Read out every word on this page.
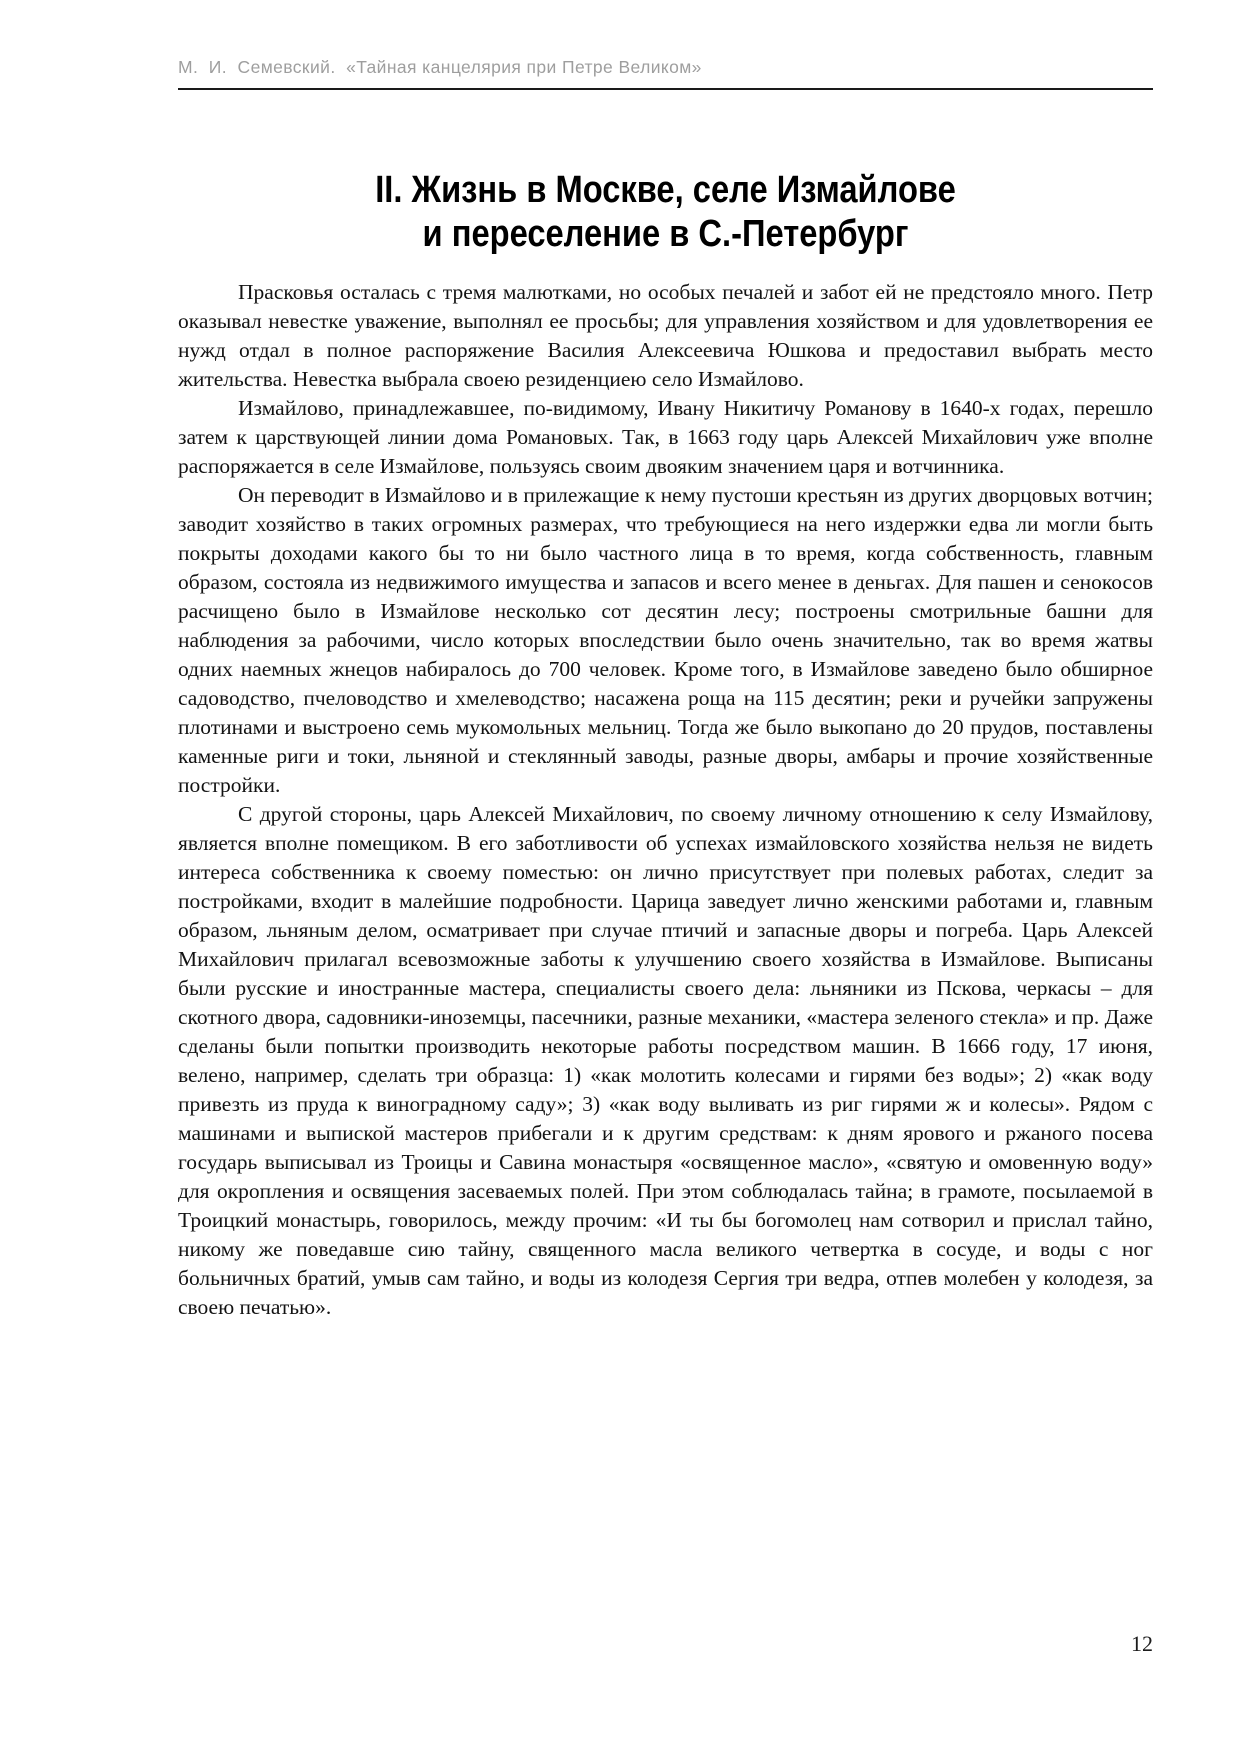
М.  И.  Семевский.  «Тайная канцелярия при Петре Великом»
II. Жизнь в Москве, селе Измайлове
и переселение в С.-Петербург

Прасковья осталась с тремя малютками, но особых печалей и забот ей не предстояло много. Петр оказывал невестке уважение, выполнял ее просьбы; для управления хозяйством и для удовлетворения ее нужд отдал в полное распоряжение Василия Алексеевича Юшкова и предоставил выбрать место жительства. Невестка выбрала своею резиденциею село Измайлово.

Измайлово, принадлежавшее, по-видимому, Ивану Никитичу Романову в 1640-х годах, перешло затем к царствующей линии дома Романовых. Так, в 1663 году царь Алексей Михайлович уже вполне распоряжается в селе Измайлове, пользуясь своим двояким значением царя и вотчинника.

Он переводит в Измайлово и в прилежащие к нему пустоши крестьян из других дворцовых вотчин; заводит хозяйство в таких огромных размерах, что требующиеся на него издержки едва ли могли быть покрыты доходами какого бы то ни было частного лица в то время, когда собственность, главным образом, состояла из недвижимого имущества и запасов и всего менее в деньгах. Для пашен и сенокосов расчищено было в Измайлове несколько сот десятин лесу; построены смотрильные башни для наблюдения за рабочими, число которых впоследствии было очень значительно, так во время жатвы одних наемных жнецов набиралось до 700 человек. Кроме того, в Измайлове заведено было обширное садоводство, пчеловодство и хмелеводство; насажена роща на 115 десятин; реки и ручейки запружены плотинами и выстроено семь мукомольных мельниц. Тогда же было выкопано до 20 прудов, поставлены каменные риги и токи, льняной и стеклянный заводы, разные дворы, амбары и прочие хозяйственные постройки.

С другой стороны, царь Алексей Михайлович, по своему личному отношению к селу Измайлову, является вполне помещиком. В его заботливости об успехах измайловского хозяйства нельзя не видеть интереса собственника к своему поместью: он лично присутствует при полевых работах, следит за постройками, входит в малейшие подробности. Царица заведует лично женскими работами и, главным образом, льняным делом, осматривает при случае птичий и запасные дворы и погреба. Царь Алексей Михайлович прилагал всевозможные заботы к улучшению своего хозяйства в Измайлове. Выписаны были русские и иностранные мастера, специалисты своего дела: льняники из Пскова, черкасы – для скотного двора, садовники-иноземцы, пасечники, разные механики, «мастера зеленого стекла» и пр. Даже сделаны были попытки производить некоторые работы посредством машин. В 1666 году, 17 июня, велено, например, сделать три образца: 1) «как молотить колесами и гирями без воды»; 2) «как воду привезть из пруда к виноградному саду»; 3) «как воду выливать из риг гирями ж и колесы». Рядом с машинами и выпиской мастеров прибегали и к другим средствам: к дням ярового и ржаного посева государь выписывал из Троицы и Савина монастыря «освященное масло», «святую и омовенную воду» для окропления и освящения засеваемых полей. При этом соблюдалась тайна; в грамоте, посылаемой в Троицкий монастырь, говорилось, между прочим: «И ты бы богомолец нам сотворил и прислал тайно, никому же поведавше сию тайну, священного масла великого четвертка в сосуде, и воды с ног больничных братий, умыв сам тайно, и воды из колодезя Сергия три ведра, отпев молебен у колодезя, за своею печатью».

12
